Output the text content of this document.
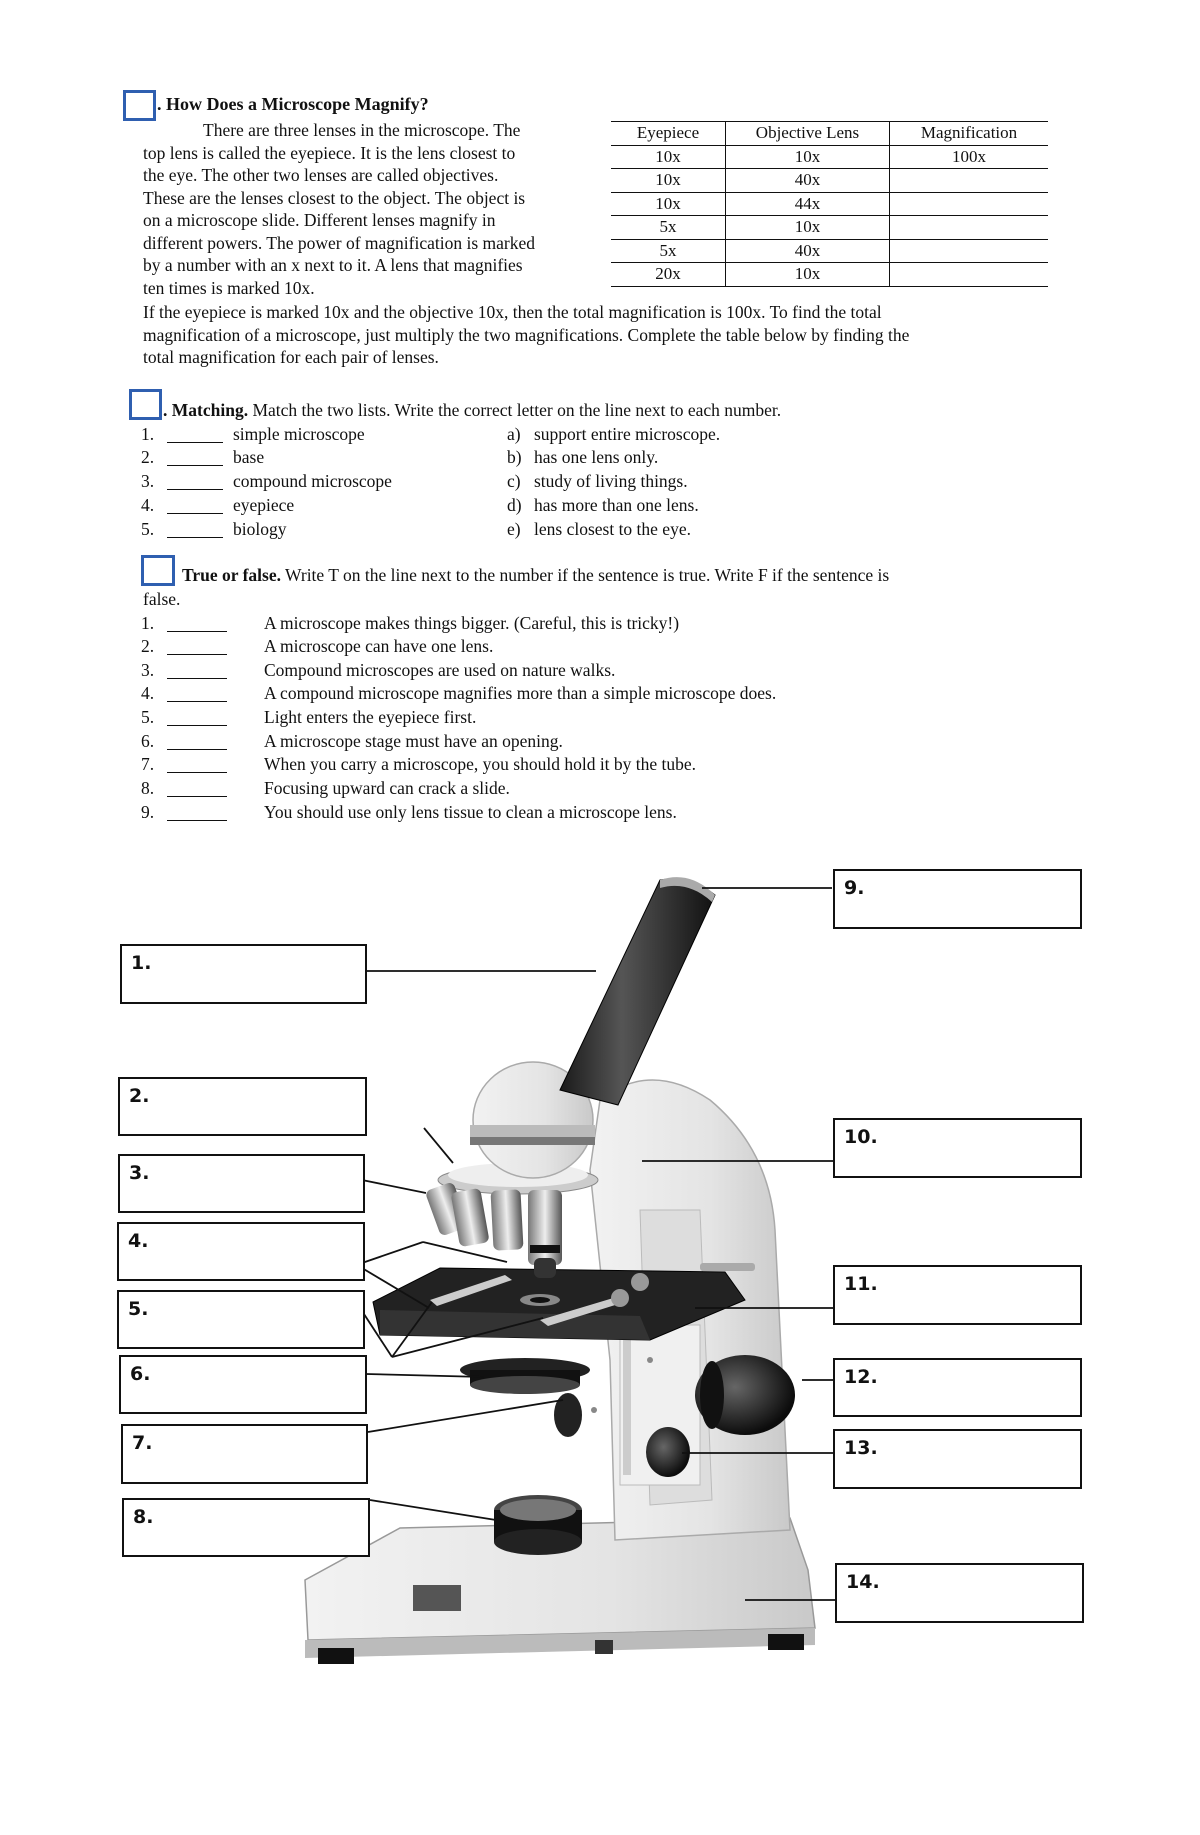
. How Does a Microscope Magnify?
There are three lenses in the microscope. The
top lens is called the eyepiece. It is the lens closest to
the eye. The other two lenses are called objectives.
These are the lenses closest to the object. The object is
on a microscope slide. Different lenses magnify in
different powers. The power of magnification is marked
by a number with an x next to it. A lens that magnifies
ten times is marked 10x.
Eyepiece	Objective Lens	Magnification
10x	10x	100x
10x	40x	
10x	44x	
5x	10x	
5x	40x	
20x	10x	
If the eyepiece is marked 10x and the objective 10x, then the total magnification is 100x. To find the total
magnification of a microscope, just multiply the two magnifications. Complete the table below by finding the
total magnification for each pair of lenses.
. Matching. Match the two lists. Write the correct letter on the line next to each number.
1.	simple microscope	a) support entire microscope.
2.	base	b) has one lens only.
3.	compound microscope	c) study of living things.
4.	eyepiece	d) has more than one lens.
5.	biology	e) lens closest to the eye.
True or false. Write T on the line next to the number if the sentence is true. Write F if the sentence is
false.
1.	A microscope makes things bigger. (Careful, this is tricky!)
2.	A microscope can have one lens.
3.	Compound microscopes are used on nature walks.
4.	A compound microscope magnifies more than a simple microscope does.
5.	Light enters the eyepiece first.
6.	A microscope stage must have an opening.
7.	When you carry a microscope, you should hold it by the tube.
8.	Focusing upward can crack a slide.
9.	You should use only lens tissue to clean a microscope lens.
1.
2.
3.
4.
5.
6.
7.
8.
9.
10.
11.
12.
13.
14.
